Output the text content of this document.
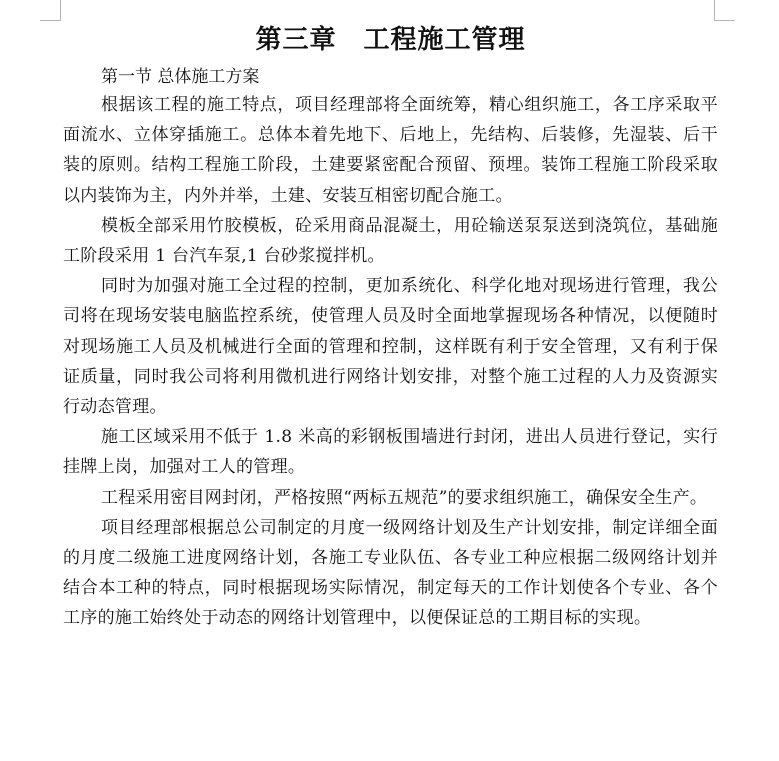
第三章　工程施工管理

第一节 总体施工方案

根据该工程的施工特点，项目经理部将全面统筹，精心组织施工，各工序采取平面流水、立体穿插施工。总体本着先地下、后地上，先结构、后装修，先湿装、后干装的原则。结构工程施工阶段，土建要紧密配合预留、预埋。装饰工程施工阶段采取以内装饰为主，内外并举，土建、安装互相密切配合施工。

模板全部采用竹胶模板，砼采用商品混凝土，用砼输送泵泵送到浇筑位，基础施工阶段采用 1 台汽车泵,1 台砂浆搅拌机。

同时为加强对施工全过程的控制，更加系统化、科学化地对现场进行管理，我公司将在现场安装电脑监控系统，使管理人员及时全面地掌握现场各种情况，以便随时对现场施工人员及机械进行全面的管理和控制，这样既有利于安全管理，又有利于保证质量，同时我公司将利用微机进行网络计划安排，对整个施工过程的人力及资源实行动态管理。

施工区域采用不低于 1.8 米高的彩钢板围墙进行封闭，进出人员进行登记，实行挂牌上岗，加强对工人的管理。

工程采用密目网封闭，严格按照“两标五规范”的要求组织施工，确保安全生产。

项目经理部根据总公司制定的月度一级网络计划及生产计划安排，制定详细全面的月度二级施工进度网络计划，各施工专业队伍、各专业工种应根据二级网络计划并结合本工种的特点，同时根据现场实际情况，制定每天的工作计划使各个专业、各个工序的施工始终处于动态的网络计划管理中，以便保证总的工期目标的实现。
